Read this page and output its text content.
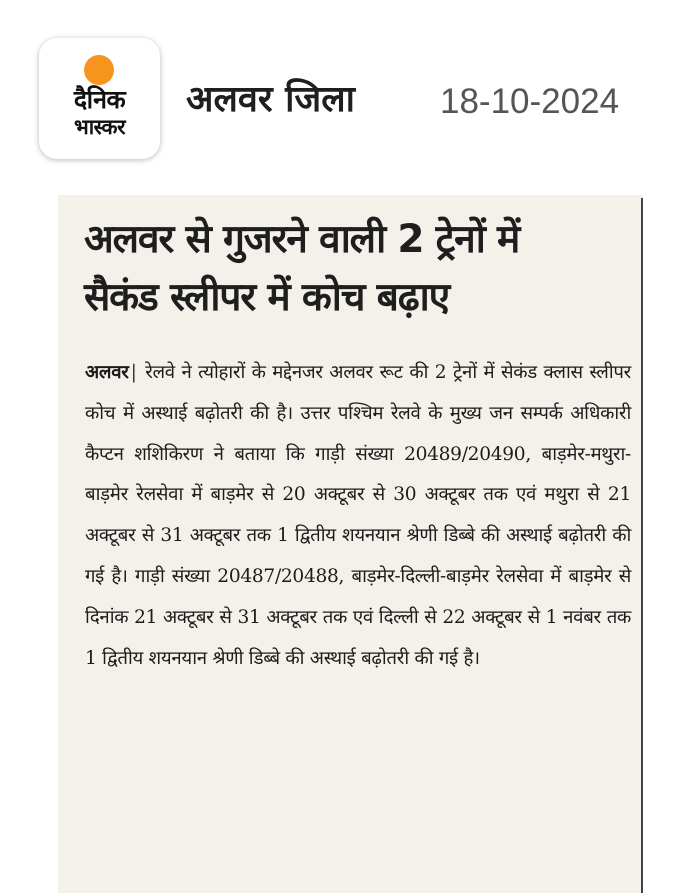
दैनिक
भास्कर
अलवर जिला 18-10-2024
अलवर से गुजरने वाली 2 ट्रेनों में
सैकंड स्लीपर में कोच बढ़ाए

अलवर | रेलवे ने त्योहारों के मद्देनजर अलवर रूट की 2 ट्रेनों में सेकंड क्लास स्लीपर कोच में अस्थाई बढ़ोतरी की है। उत्तर पश्चिम रेलवे के मुख्य जन सम्पर्क अधिकारी कैप्टन शशिकिरण ने बताया कि गाड़ी संख्या 20489/20490, बाड़मेर-मथुरा-बाड़मेर रेलसेवा में बाड़मेर से 20 अक्टूबर से 30 अक्टूबर तक एवं मथुरा से 21 अक्टूबर से 31 अक्टूबर तक 1 द्वितीय शयनयान श्रेणी डिब्बे की अस्थाई बढ़ोतरी की गई है। गाड़ी संख्या 20487/20488, बाड़मेर-दिल्ली-बाड़मेर रेलसेवा में बाड़मेर से दिनांक 21 अक्टूबर से 31 अक्टूबर तक एवं दिल्ली से 22 अक्टूबर से 1 नवंबर तक 1 द्वितीय शयनयान श्रेणी डिब्बे की अस्थाई बढ़ोतरी की गई है।
